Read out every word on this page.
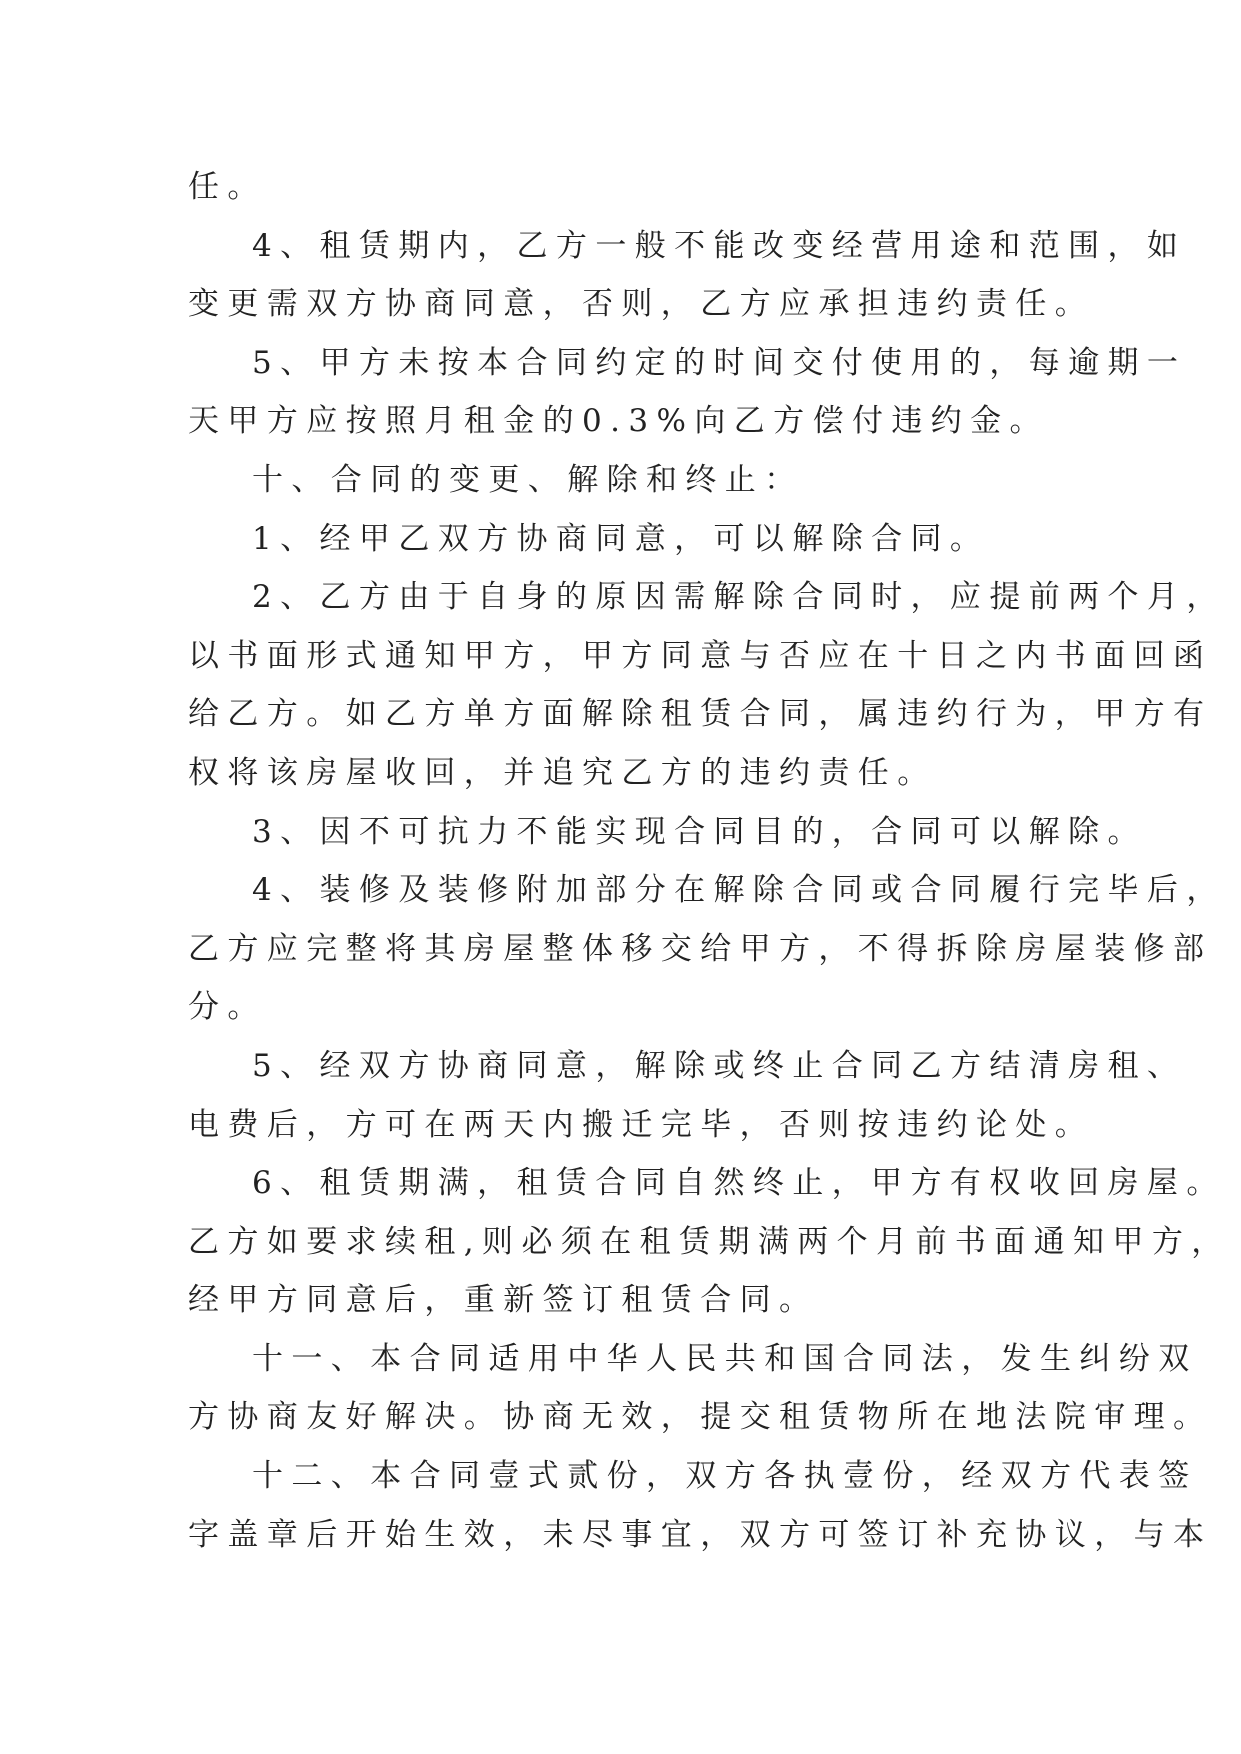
任。
4、租赁期内，乙方一般不能改变经营用途和范围，如
变更需双方协商同意，否则，乙方应承担违约责任。
5、甲方未按本合同约定的时间交付使用的，每逾期一
天甲方应按照月租金的0.3%向乙方偿付违约金。
十、合同的变更、解除和终止：
1、经甲乙双方协商同意，可以解除合同。
2、乙方由于自身的原因需解除合同时，应提前两个月，
以书面形式通知甲方，甲方同意与否应在十日之内书面回函
给乙方。如乙方单方面解除租赁合同，属违约行为，甲方有
权将该房屋收回，并追究乙方的违约责任。
3、因不可抗力不能实现合同目的，合同可以解除。
4、装修及装修附加部分在解除合同或合同履行完毕后，
乙方应完整将其房屋整体移交给甲方，不得拆除房屋装修部
分。
5、经双方协商同意，解除或终止合同乙方结清房租、
电费后，方可在两天内搬迁完毕，否则按违约论处。
6、租赁期满，租赁合同自然终止，甲方有权收回房屋。
乙方如要求续租,则必须在租赁期满两个月前书面通知甲方，
经甲方同意后，重新签订租赁合同。
十一、本合同适用中华人民共和国合同法，发生纠纷双
方协商友好解决。协商无效，提交租赁物所在地法院审理。
十二、本合同壹式贰份，双方各执壹份，经双方代表签
字盖章后开始生效，未尽事宜，双方可签订补充协议，与本
